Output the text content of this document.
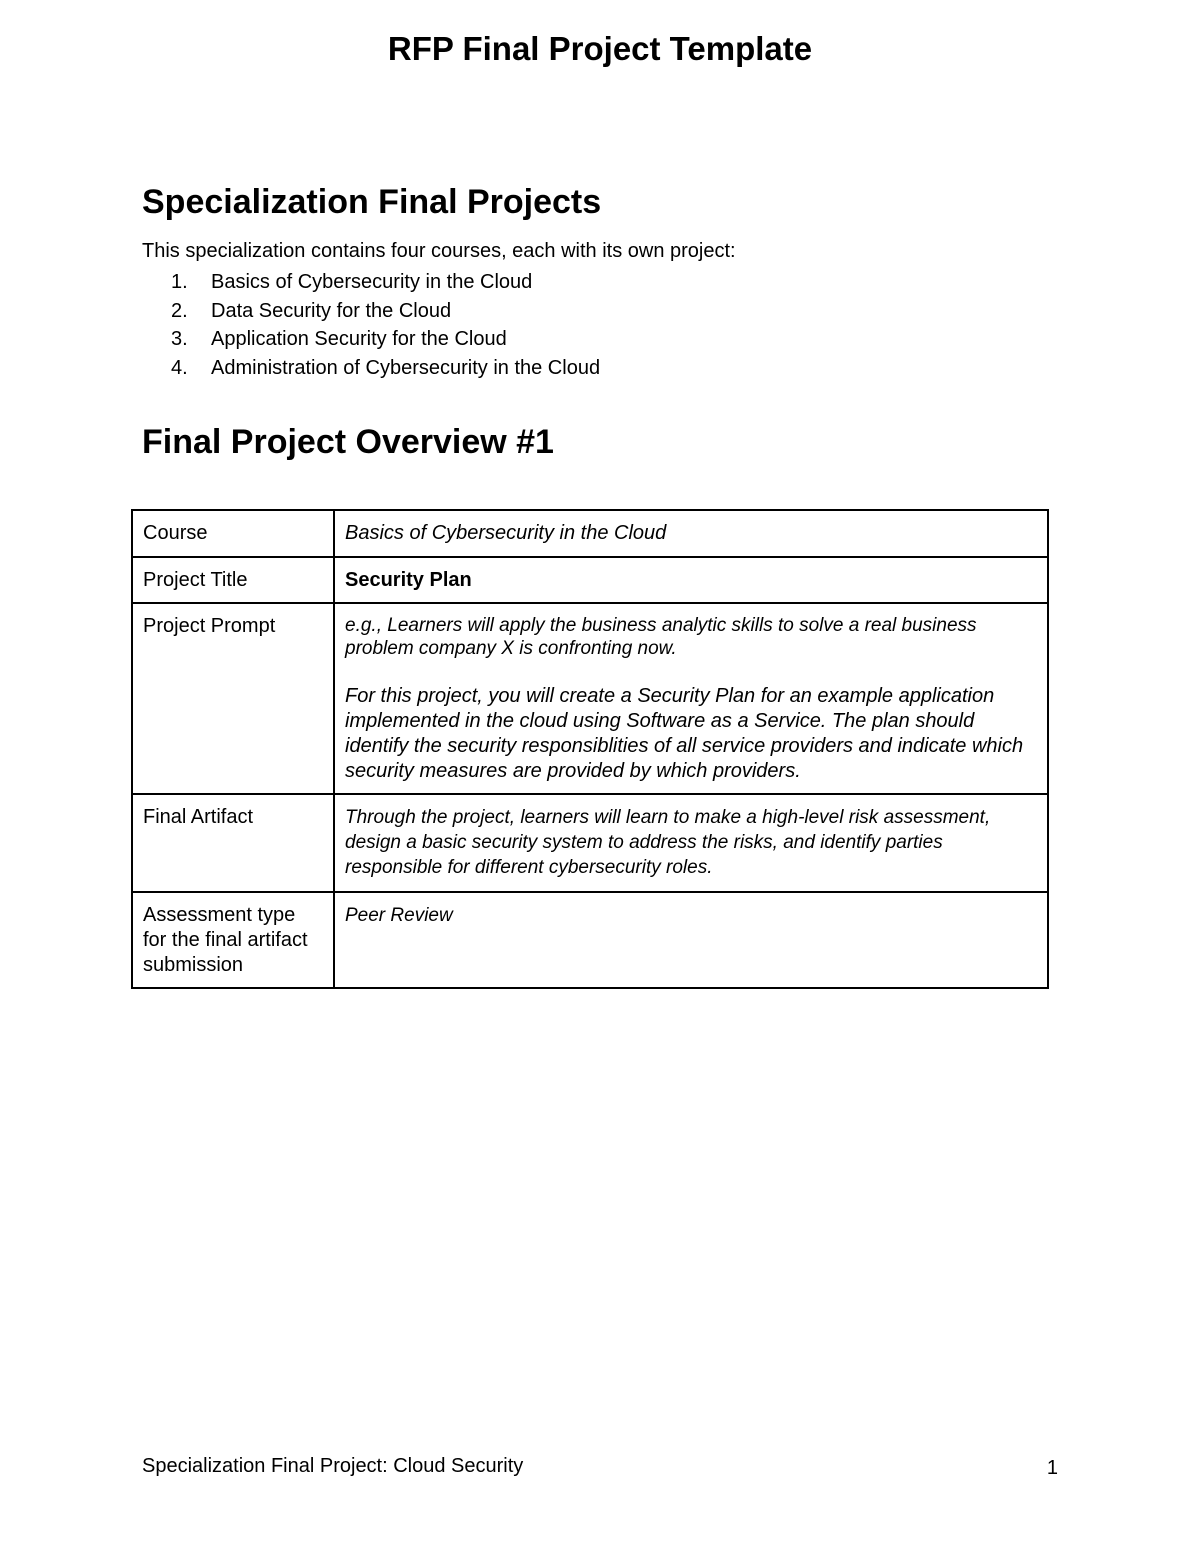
RFP Final Project Template
Specialization Final Projects

This specialization contains four courses, each with its own project:

1.	Basics of Cybersecurity in the Cloud
2.	Data Security for the Cloud
3.	Application Security for the Cloud
4.	Administration of Cybersecurity in the Cloud
Final Project Overview #1
Course	Basics of Cybersecurity in the Cloud
Project Title	Security Plan
Project Prompt	e.g., Learners will apply the business analytic skills to solve a real business problem company X is confronting now.

For this project, you will create a Security Plan for an example application implemented in the cloud using Software as a Service. The plan should identify the security responsiblities of all service providers and indicate which security measures are provided by which providers.

Final Artifact	Through the project, learners will learn to make a high-level risk assessment, design a basic security system to address the risks, and identify parties responsible for different cybersecurity roles.
Assessment type for the final artifact submission	Peer Review

Specialization Final Project: Cloud Security	1
